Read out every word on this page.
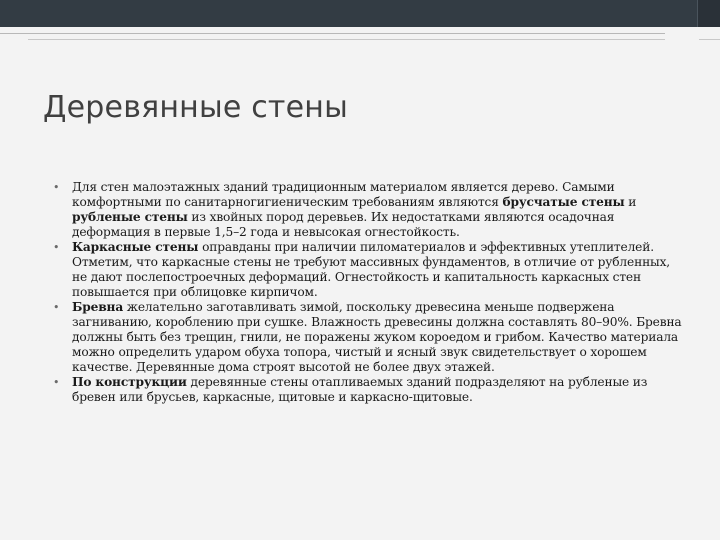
Деревянные стены
• Для стен малоэтажных зданий традиционным материалом является дерево. Самыми комфортными по санитарногигиеническим требованиям являются брусчатые стены и рубленые стены из хвойных пород деревьев. Их недостатками являются осадочная деформация в первые 1,5–2 года и невысокая огнестойкость.
• Каркасные стены оправданы при наличии пиломатериалов и эффективных утеплителей. Отметим, что каркасные стены не требуют массивных фундаментов, в отличие от рубленных, не дают послепостроечных деформаций. Огнестойкость и капитальность каркасных стен повышается при облицовке кирпичом.
• Бревна желательно заготавливать зимой, поскольку древесина меньше подвержена загниванию, короблению при сушке. Влажность древесины должна составлять 80–90%. Бревна должны быть без трещин, гнили, не поражены жуком короедом и грибом. Качество материала можно определить ударом обуха топора, чистый и ясный звук свидетельствует о хорошем качестве. Деревянные дома строят высотой не более двух этажей.
• По конструкции деревянные стены отапливаемых зданий подразделяют на рубленые из бревен или брусьев, каркасные, щитовые и каркасно-щитовые.
